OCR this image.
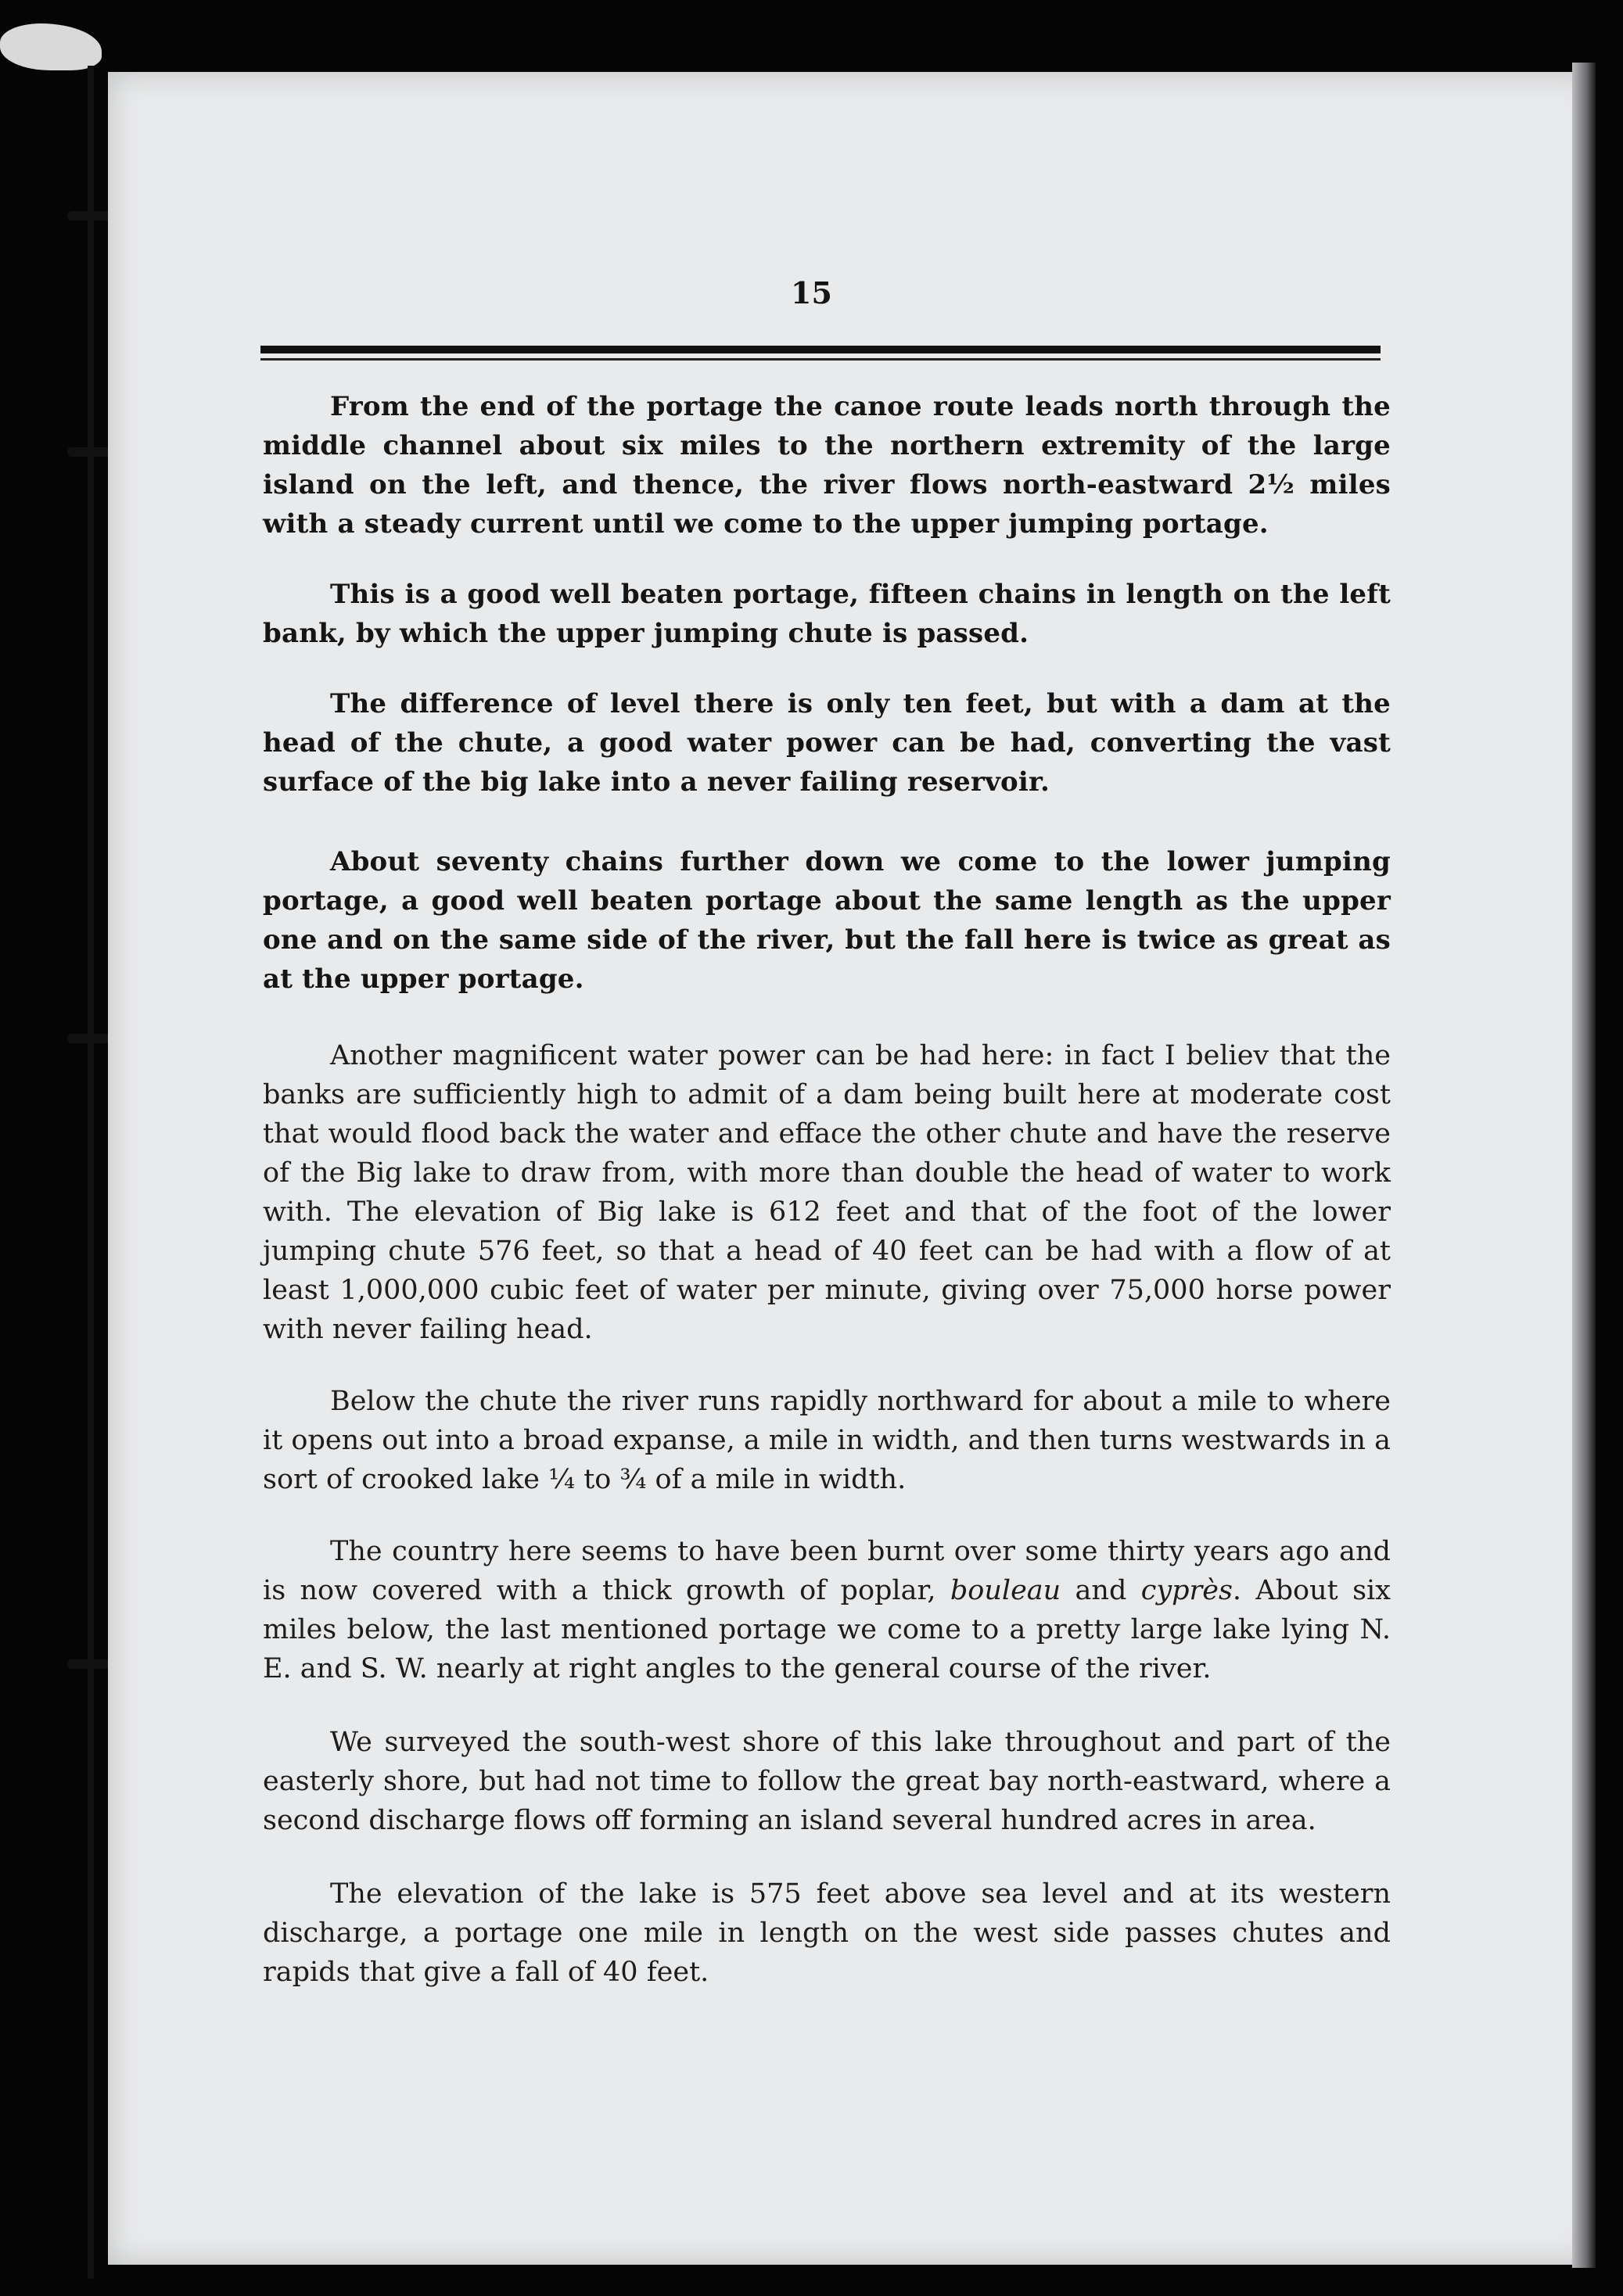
15

From the end of the portage the canoe route leads north through the middle channel about six miles to the northern extremity of the large island on the left, and thence, the river flows north-eastward 2½ miles with a steady current until we come to the upper jumping portage.

This is a good well beaten portage, fifteen chains in length on the left bank, by which the upper jumping chute is passed.

The difference of level there is only ten feet, but with a dam at the head of the chute, a good water power can be had, converting the vast surface of the big lake into a never failing reservoir.

About seventy chains further down we come to the lower jumping portage, a good well beaten portage about the same length as the upper one and on the same side of the river, but the fall here is twice as great as at the upper portage.

Another magnificent water power can be had here: in fact I believ that the banks are sufficiently high to admit of a dam being built here at moderate cost that would flood back the water and efface the other chute and have the reserve of the Big lake to draw from, with more than double the head of water to work with. The elevation of Big lake is 612 feet and that of the foot of the lower jumping chute 576 feet, so that a head of 40 feet can be had with a flow of at least 1,000,000 cubic feet of water per minute, giving over 75,000 horse power with never failing head.

Below the chute the river runs rapidly northward for about a mile to where it opens out into a broad expanse, a mile in width, and then turns westwards in a sort of crooked lake ¼ to ¾ of a mile in width.

The country here seems to have been burnt over some thirty years ago and is now covered with a thick growth of poplar, bouleau and cyprès. About six miles below, the last mentioned portage we come to a pretty large lake lying N. E. and S. W. nearly at right angles to the general course of the river.

We surveyed the south-west shore of this lake throughout and part of the easterly shore, but had not time to follow the great bay north-eastward, where a second discharge flows off forming an island several hundred acres in area.

The elevation of the lake is 575 feet above sea level and at its western discharge, a portage one mile in length on the west side passes chutes and rapids that give a fall of 40 feet.
